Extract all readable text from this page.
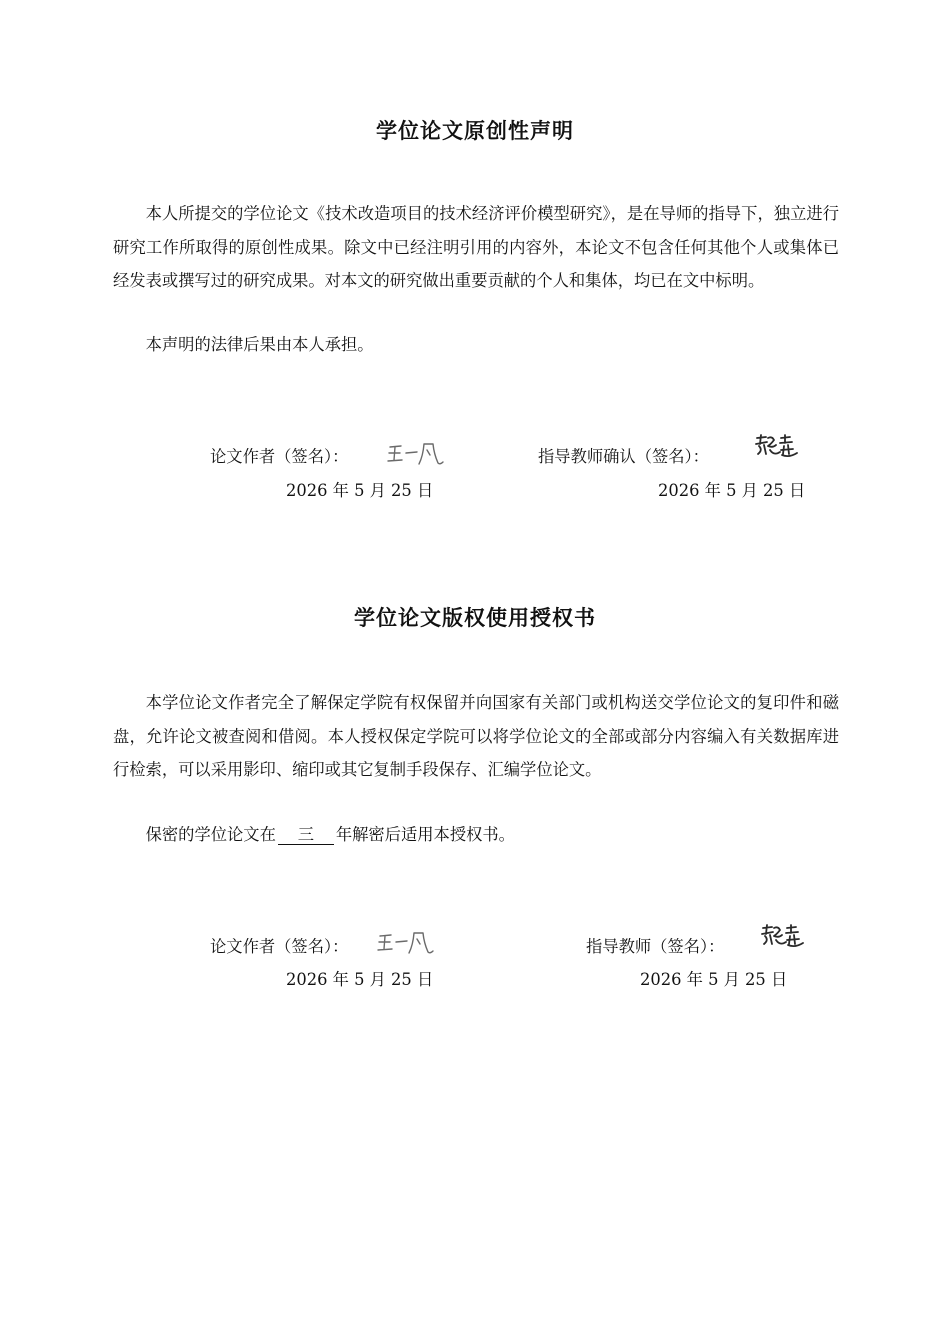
学位论文原创性声明

本人所提交的学位论文《技术改造项目的技术经济评价模型研究》，是在导师的指导下，独立进行研究工作所取得的原创性成果。除文中已经注明引用的内容外，本论文不包含任何其他个人或集体已经发表或撰写过的研究成果。对本文的研究做出重要贡献的个人和集体，均已在文中标明。

本声明的法律后果由本人承担。

论文作者（签名）：	指导教师确认（签名）：
2026 年 5 月 25 日	2026 年 5 月 25 日
学位论文版权使用授权书

本学位论文作者完全了解保定学院有权保留并向国家有关部门或机构送交学位论文的复印件和磁盘，允许论文被查阅和借阅。本人授权保定学院可以将学位论文的全部或部分内容编入有关数据库进行检索，可以采用影印、缩印或其它复制手段保存、汇编学位论文。

保密的学位论文在 三 年解密后适用本授权书。

论文作者（签名）：	指导教师（签名）：
2026 年 5 月 25 日	2026 年 5 月 25 日
